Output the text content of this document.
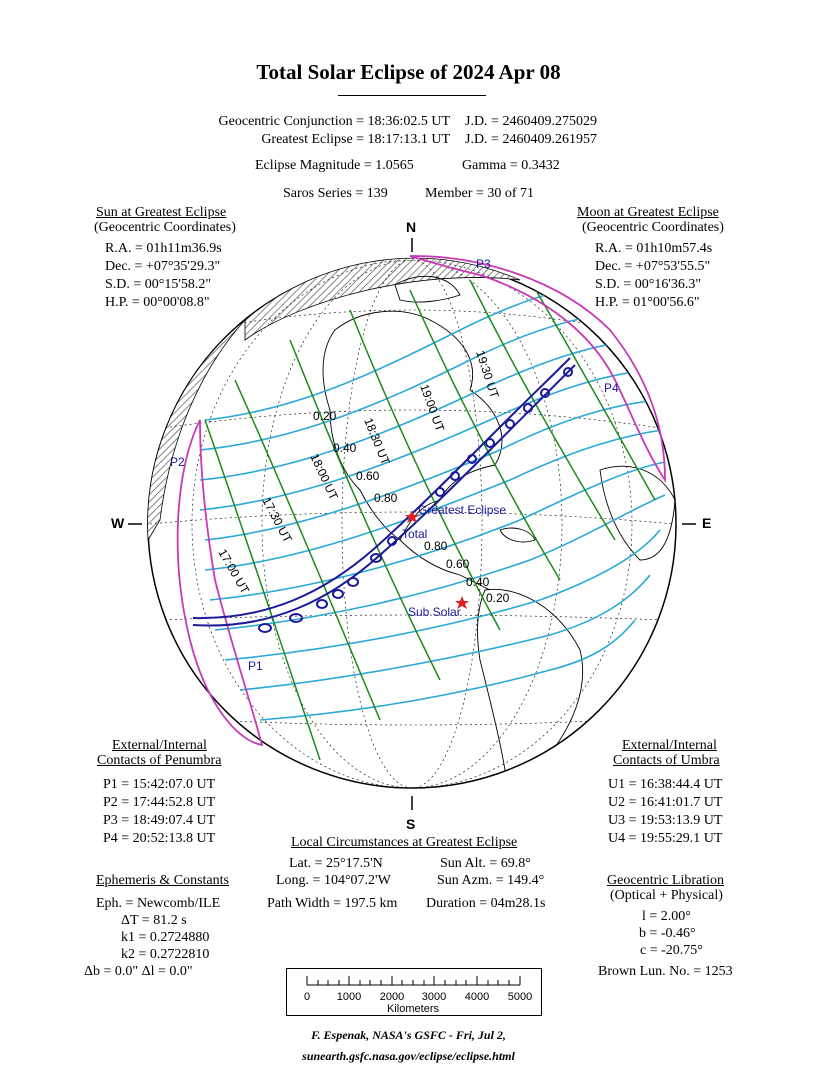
Total Solar Eclipse of 2024 Apr 08
Geocentric Conjunction = 18:36:02.5 UT J.D. = 2460409.275029
Greatest Eclipse = 18:17:13.1 UT J.D. = 2460409.261957
Eclipse Magnitude = 1.0565	Gamma = 0.3432
Saros Series = 139	Member = 30 of 71
Sun at Greatest Eclipse
(Geocentric Coordinates)
R.A. = 01h11m36.9s
Dec. = +07°35'29.3"
S.D. = 00°15'58.2"
H.P. = 00°00'08.8"
Moon at Greatest Eclipse
(Geocentric Coordinates)
R.A. = 01h10m57.4s
Dec. = +07°53'55.5"
S.D. = 00°16'36.3"
H.P. = 01°00'56.6"
Greatest Eclipse
Total
Sub Solar
P1
P2
P3
P4
0.20
0.40
0.60
0.80
0.80
0.60
0.40
0.20
17:00 UT
17:30 UT
18:00 UT
18:30 UT
19:00 UT
19:30 UT
N
S
W	E
External/Internal
Contacts of Penumbra
P1 = 15:42:07.0 UT
P2 = 17:44:52.8 UT
P3 = 18:49:07.4 UT
P4 = 20:52:13.8 UT
External/Internal
Contacts of Umbra
U1 = 16:38:44.4 UT
U2 = 16:41:01.7 UT
U3 = 19:53:13.9 UT
U4 = 19:55:29.1 UT
Local Circumstances at Greatest Eclipse
Lat. = 25°17.5'N
Long. = 104°07.2'W
Sun Alt. = 69.8°
Sun Azm. = 149.4°
Path Width = 197.5 km Duration = 04m28.1s
Ephemeris & Constants
Eph. = Newcomb/ILE
ΔT = 81.2 s
k1 = 0.2724880
k2 = 0.2722810
Δb = 0.0" Δl = 0.0"
Geocentric Libration
(Optical + Physical)
l = 2.00°
b = -0.46°
c = -20.75°
Brown Lun. No. = 1253
0 1000 2000 3000 4000 5000
Kilometers
F. Espenak, NASA's GSFC - Fri, Jul 2,
sunearth.gsfc.nasa.gov/eclipse/eclipse.html
